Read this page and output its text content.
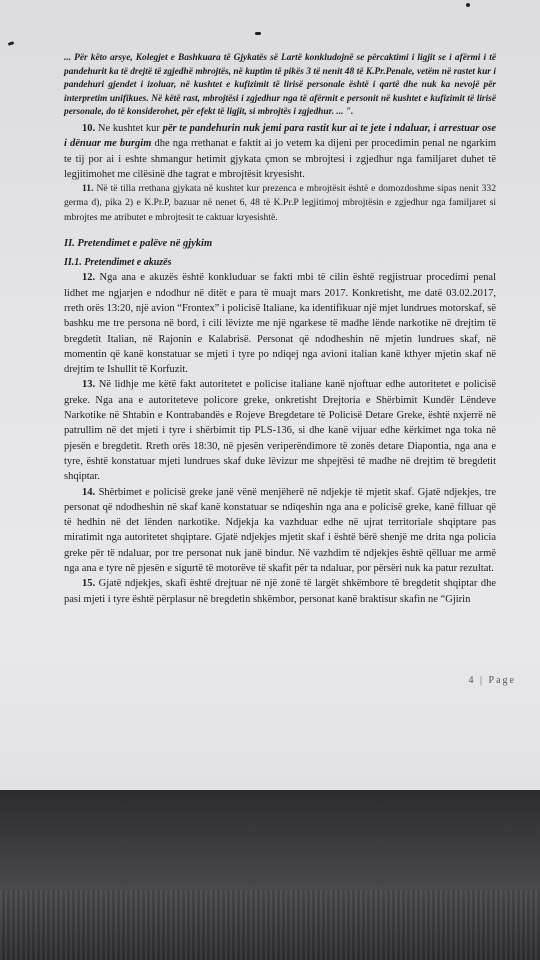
... Për këto arsye, Kolegjet e Bashkuara të Gjykatës së Lartë konkludojnë se përcaktimi i ligjit se i afërmi i të pandehurit ka të drejtë të zgjedhë mbrojtës, në kuptim të pikës 3 të nenit 48 të K.Pr.Penale, vetëm në rastet kur i pandehuri gjendet i izoluar, në kushtet e kufizimit të lirisë personale është i qartë dhe nuk ka nevojë për interpretim unifikues. Në këtë rast, mbrojtësi i zgjedhur nga të afërmit e personit në kushtet e kufizimit të lirisë personale, do të konsiderohet, për efekt të ligjit, si mbrojtës i zgjedhur. ... ".

10. Ne kushtet kur për te pandehurin nuk jemi para rastit kur ai te jete i ndaluar, i arrestuar ose i dënuar me burgim dhe nga rrethanat e faktit ai jo vetem ka dijeni per procedimin penal ne ngarkim te tij por ai i eshte shmangur hetimit gjykata çmon se mbrojtesi i zgjedhur nga familjaret duhet të legjitimohet me cilësinë dhe tagrat e mbrojtësit kryesisht.

11. Në të tilla rrethana gjykata në kushtet kur prezenca e mbrojtësit është e domozdoshme sipas nenit 332 germa d), pika 2) e K.Pr.P, bazuar në nenet 6, 48 të K.Pr.P legjitimoj mbrojtësin e zgjedhur nga familjaret si mbrojtes me atributet e mbrojtesit te caktuar kryesishtë.

II. Pretendimet e palëve në gjykim

II.1. Pretendimet e akuzës

12. Nga ana e akuzës është konkluduar se fakti mbi të cilin është regjistruar procedimi penal lidhet me ngjarjen e ndodhur në ditët e para të muajt mars 2017. Konkretisht, me datë 03.02.2017, rreth orës 13:20, një avion “Frontex” i policisë Italiane, ka identifikuar një mjet lundrues motorskaf, së bashku me tre persona në bord, i cili lëvizte me një ngarkese të madhe lënde narkotike në drejtim të bregdetit Italian, në Rajonin e Kalabrisë. Personat që ndodheshin në mjetin lundrues skaf, në momentin që kanë konstatuar se mjeti i tyre po ndiqej nga avioni italian kanë kthyer mjetin skaf në drejtim te Ishullit të Korfuzit.

13. Në lidhje me këtë fakt autoritetet e policise italiane kanë njoftuar edhe autoritetet e policisë greke. Nga ana e autoriteteve policore greke, onkretisht Drejtoria e Shërbimit Kundër Lëndeve Narkotike në Shtabin e Kontrabandës e Rojeve Bregdetare të Policisë Detare Greke, është nxjerrë në patrullim në det mjeti i tyre i shërbimit tip PLS-136, si dhe kanë vijuar edhe kërkimet nga toka në pjesën e bregdetit. Rreth orës 18:30, në pjesën veriperëndimore të zonës detare Diapontia, nga ana e tyre, është konstatuar mjeti lundrues skaf duke lëvizur me shpejtësi të madhe në drejtim të bregdetit shqiptar.

14. Shërbimet e policisë greke janë vënë menjëherë në ndjekje të mjetit skaf. Gjatë ndjekjes, tre personat që ndodheshin në skaf kanë konstatuar se ndiqeshin nga ana e policisë greke, kanë filluar që të hedhin në det lënden narkotike. Ndjekja ka vazhduar edhe në ujrat territoriale shqiptare pas miratimit nga autoritetet shqiptare. Gjatë ndjekjes mjetit skaf i është bërë shenjë me drita nga policia greke për të ndaluar, por tre personat nuk janë bindur. Në vazhdim të ndjekjes është qëlluar me armë nga ana e tyre në pjesën e sigurtë të motorëve të skafit për ta ndaluar, por përsëri nuk ka patur rezultat.

15. Gjatë ndjekjes, skafi është drejtuar në një zonë të largët shkëmbore të bregdetit shqiptar dhe pasi mjeti i tyre është përplasur në bregdetin shkëmbor, personat kanë braktisur skafin ne “Gjirin

4 | Page
